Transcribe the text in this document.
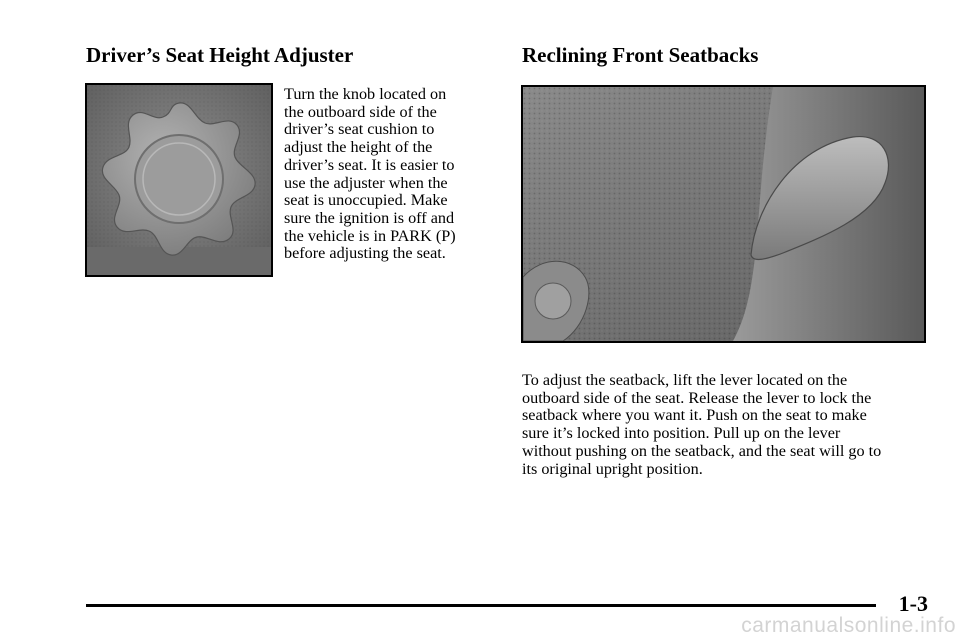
Driver’s Seat Height Adjuster
Turn the knob located on
the outboard side of the
driver’s seat cushion to
adjust the height of the
driver’s seat. It is easier to
use the adjuster when the
seat is unoccupied. Make
sure the ignition is off and
the vehicle is in PARK (P)
before adjusting the seat.
Reclining Front Seatbacks
To adjust the seatback, lift the lever located on the
outboard side of the seat. Release the lever to lock the
seatback where you want it. Push on the seat to make
sure it’s locked into position. Pull up on the lever
without pushing on the seatback, and the seat will go to
its original upright position.
1-3
carmanualsonline.info
